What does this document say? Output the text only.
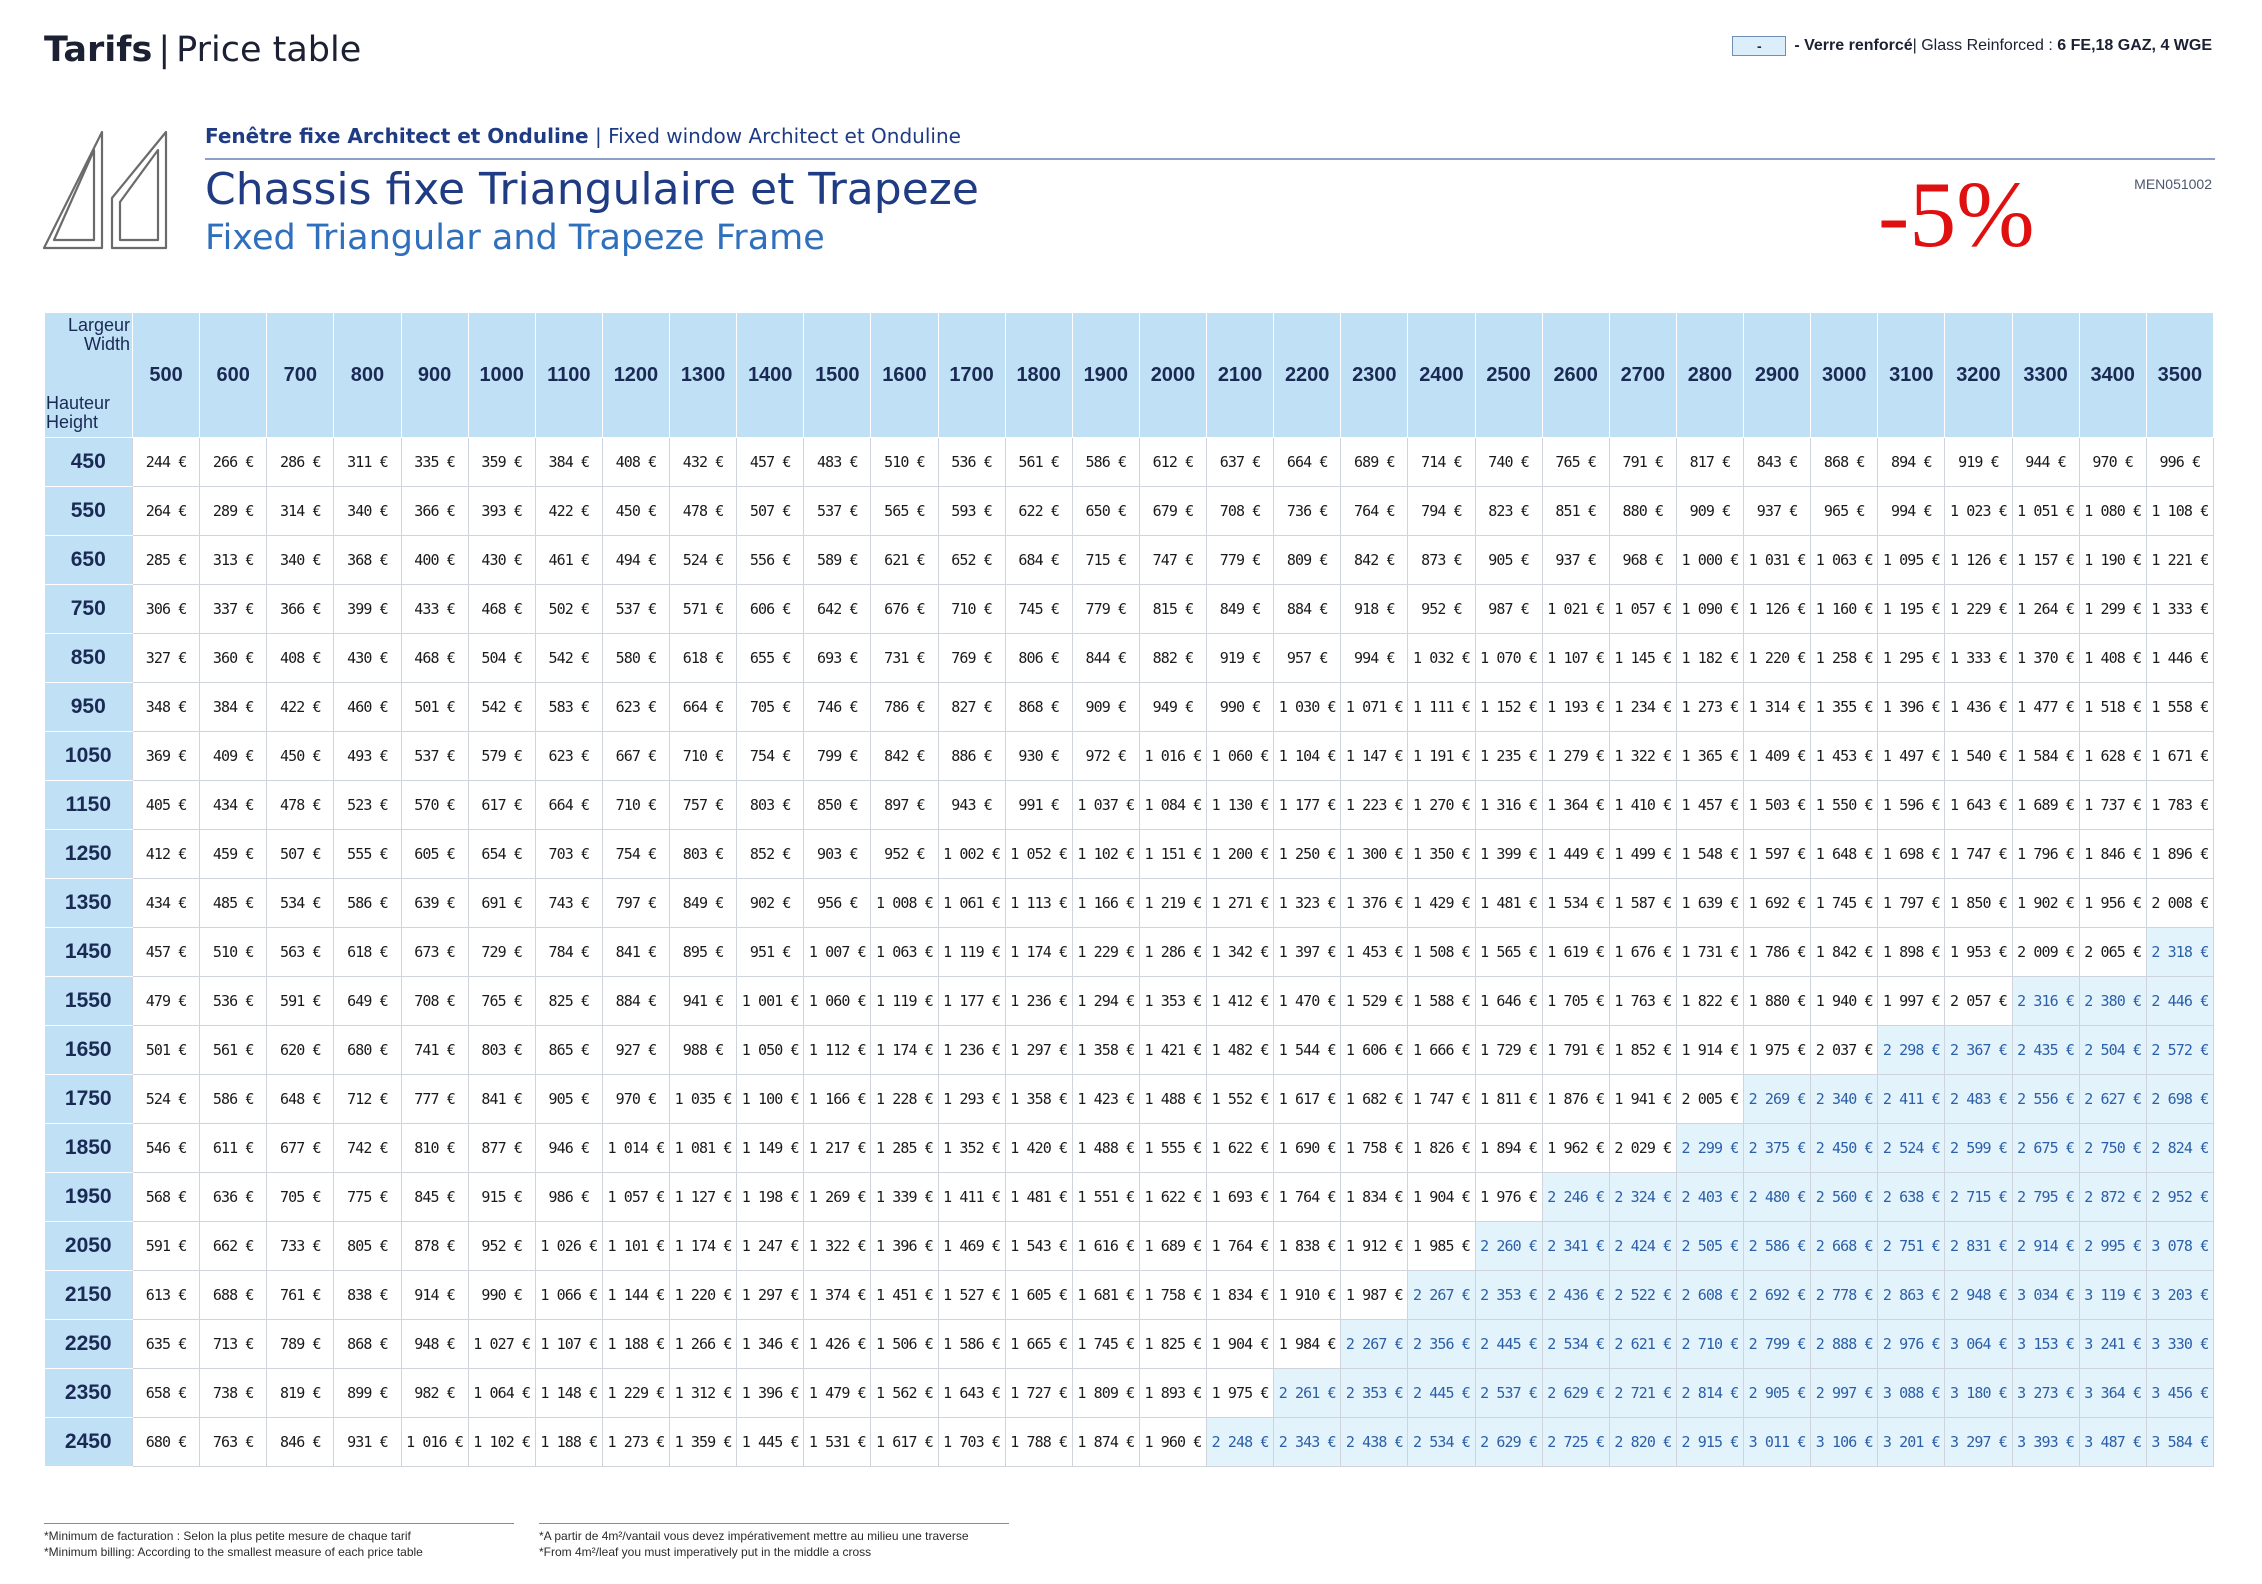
Tarifs | Price table	-	- Verre renforcé | Glass Reinforced : 6 FE,18 GAZ, 4 WGE
Fenêtre fixe Architect et Onduline | Fixed window Architect et Onduline
Chassis fixe Triangulaire et Trapeze
Fixed Triangular and Trapeze Frame	-5%	MEN051002
Largeur
Width
Hauteur
Height	500	600	700	800	900	1000	1100	1200	1300	1400	1500	1600	1700	1800	1900	2000	2100	2200	2300	2400	2500	2600	2700	2800	2900	3000	3100	3200	3300	3400	3500
450	244 €	266 €	286 €	311 €	335 €	359 €	384 €	408 €	432 €	457 €	483 €	510 €	536 €	561 €	586 €	612 €	637 €	664 €	689 €	714 €	740 €	765 €	791 €	817 €	843 €	868 €	894 €	919 €	944 €	970 €	996 €
550	264 €	289 €	314 €	340 €	366 €	393 €	422 €	450 €	478 €	507 €	537 €	565 €	593 €	622 €	650 €	679 €	708 €	736 €	764 €	794 €	823 €	851 €	880 €	909 €	937 €	965 €	994 €	1 023 €	1 051 €	1 080 €	1 108 €
650	285 €	313 €	340 €	368 €	400 €	430 €	461 €	494 €	524 €	556 €	589 €	621 €	652 €	684 €	715 €	747 €	779 €	809 €	842 €	873 €	905 €	937 €	968 €	1 000 €	1 031 €	1 063 €	1 095 €	1 126 €	1 157 €	1 190 €	1 221 €
750	306 €	337 €	366 €	399 €	433 €	468 €	502 €	537 €	571 €	606 €	642 €	676 €	710 €	745 €	779 €	815 €	849 €	884 €	918 €	952 €	987 €	1 021 €	1 057 €	1 090 €	1 126 €	1 160 €	1 195 €	1 229 €	1 264 €	1 299 €	1 333 €
850	327 €	360 €	408 €	430 €	468 €	504 €	542 €	580 €	618 €	655 €	693 €	731 €	769 €	806 €	844 €	882 €	919 €	957 €	994 €	1 032 €	1 070 €	1 107 €	1 145 €	1 182 €	1 220 €	1 258 €	1 295 €	1 333 €	1 370 €	1 408 €	1 446 €
950	348 €	384 €	422 €	460 €	501 €	542 €	583 €	623 €	664 €	705 €	746 €	786 €	827 €	868 €	909 €	949 €	990 €	1 030 €	1 071 €	1 111 €	1 152 €	1 193 €	1 234 €	1 273 €	1 314 €	1 355 €	1 396 €	1 436 €	1 477 €	1 518 €	1 558 €
1050	369 €	409 €	450 €	493 €	537 €	579 €	623 €	667 €	710 €	754 €	799 €	842 €	886 €	930 €	972 €	1 016 €	1 060 €	1 104 €	1 147 €	1 191 €	1 235 €	1 279 €	1 322 €	1 365 €	1 409 €	1 453 €	1 497 €	1 540 €	1 584 €	1 628 €	1 671 €
1150	405 €	434 €	478 €	523 €	570 €	617 €	664 €	710 €	757 €	803 €	850 €	897 €	943 €	991 €	1 037 €	1 084 €	1 130 €	1 177 €	1 223 €	1 270 €	1 316 €	1 364 €	1 410 €	1 457 €	1 503 €	1 550 €	1 596 €	1 643 €	1 689 €	1 737 €	1 783 €
1250	412 €	459 €	507 €	555 €	605 €	654 €	703 €	754 €	803 €	852 €	903 €	952 €	1 002 €	1 052 €	1 102 €	1 151 €	1 200 €	1 250 €	1 300 €	1 350 €	1 399 €	1 449 €	1 499 €	1 548 €	1 597 €	1 648 €	1 698 €	1 747 €	1 796 €	1 846 €	1 896 €
1350	434 €	485 €	534 €	586 €	639 €	691 €	743 €	797 €	849 €	902 €	956 €	1 008 €	1 061 €	1 113 €	1 166 €	1 219 €	1 271 €	1 323 €	1 376 €	1 429 €	1 481 €	1 534 €	1 587 €	1 639 €	1 692 €	1 745 €	1 797 €	1 850 €	1 902 €	1 956 €	2 008 €
1450	457 €	510 €	563 €	618 €	673 €	729 €	784 €	841 €	895 €	951 €	1 007 €	1 063 €	1 119 €	1 174 €	1 229 €	1 286 €	1 342 €	1 397 €	1 453 €	1 508 €	1 565 €	1 619 €	1 676 €	1 731 €	1 786 €	1 842 €	1 898 €	1 953 €	2 009 €	2 065 €	2 318 €
1550	479 €	536 €	591 €	649 €	708 €	765 €	825 €	884 €	941 €	1 001 €	1 060 €	1 119 €	1 177 €	1 236 €	1 294 €	1 353 €	1 412 €	1 470 €	1 529 €	1 588 €	1 646 €	1 705 €	1 763 €	1 822 €	1 880 €	1 940 €	1 997 €	2 057 €	2 316 €	2 380 €	2 446 €
1650	501 €	561 €	620 €	680 €	741 €	803 €	865 €	927 €	988 €	1 050 €	1 112 €	1 174 €	1 236 €	1 297 €	1 358 €	1 421 €	1 482 €	1 544 €	1 606 €	1 666 €	1 729 €	1 791 €	1 852 €	1 914 €	1 975 €	2 037 €	2 298 €	2 367 €	2 435 €	2 504 €	2 572 €
1750	524 €	586 €	648 €	712 €	777 €	841 €	905 €	970 €	1 035 €	1 100 €	1 166 €	1 228 €	1 293 €	1 358 €	1 423 €	1 488 €	1 552 €	1 617 €	1 682 €	1 747 €	1 811 €	1 876 €	1 941 €	2 005 €	2 269 €	2 340 €	2 411 €	2 483 €	2 556 €	2 627 €	2 698 €
1850	546 €	611 €	677 €	742 €	810 €	877 €	946 €	1 014 €	1 081 €	1 149 €	1 217 €	1 285 €	1 352 €	1 420 €	1 488 €	1 555 €	1 622 €	1 690 €	1 758 €	1 826 €	1 894 €	1 962 €	2 029 €	2 299 €	2 375 €	2 450 €	2 524 €	2 599 €	2 675 €	2 750 €	2 824 €
1950	568 €	636 €	705 €	775 €	845 €	915 €	986 €	1 057 €	1 127 €	1 198 €	1 269 €	1 339 €	1 411 €	1 481 €	1 551 €	1 622 €	1 693 €	1 764 €	1 834 €	1 904 €	1 976 €	2 246 €	2 324 €	2 403 €	2 480 €	2 560 €	2 638 €	2 715 €	2 795 €	2 872 €	2 952 €
2050	591 €	662 €	733 €	805 €	878 €	952 €	1 026 €	1 101 €	1 174 €	1 247 €	1 322 €	1 396 €	1 469 €	1 543 €	1 616 €	1 689 €	1 764 €	1 838 €	1 912 €	1 985 €	2 260 €	2 341 €	2 424 €	2 505 €	2 586 €	2 668 €	2 751 €	2 831 €	2 914 €	2 995 €	3 078 €
2150	613 €	688 €	761 €	838 €	914 €	990 €	1 066 €	1 144 €	1 220 €	1 297 €	1 374 €	1 451 €	1 527 €	1 605 €	1 681 €	1 758 €	1 834 €	1 910 €	1 987 €	2 267 €	2 353 €	2 436 €	2 522 €	2 608 €	2 692 €	2 778 €	2 863 €	2 948 €	3 034 €	3 119 €	3 203 €
2250	635 €	713 €	789 €	868 €	948 €	1 027 €	1 107 €	1 188 €	1 266 €	1 346 €	1 426 €	1 506 €	1 586 €	1 665 €	1 745 €	1 825 €	1 904 €	1 984 €	2 267 €	2 356 €	2 445 €	2 534 €	2 621 €	2 710 €	2 799 €	2 888 €	2 976 €	3 064 €	3 153 €	3 241 €	3 330 €
2350	658 €	738 €	819 €	899 €	982 €	1 064 €	1 148 €	1 229 €	1 312 €	1 396 €	1 479 €	1 562 €	1 643 €	1 727 €	1 809 €	1 893 €	1 975 €	2 261 €	2 353 €	2 445 €	2 537 €	2 629 €	2 721 €	2 814 €	2 905 €	2 997 €	3 088 €	3 180 €	3 273 €	3 364 €	3 456 €
2450	680 €	763 €	846 €	931 €	1 016 €	1 102 €	1 188 €	1 273 €	1 359 €	1 445 €	1 531 €	1 617 €	1 703 €	1 788 €	1 874 €	1 960 €	2 248 €	2 343 €	2 438 €	2 534 €	2 629 €	2 725 €	2 820 €	2 915 €	3 011 €	3 106 €	3 201 €	3 297 €	3 393 €	3 487 €	3 584 €
*Minimum de facturation : Selon la plus petite mesure de chaque tarif
*Minimum billing: According to the smallest measure of each price table
*A partir de 4m²/vantail vous devez impérativement mettre au milieu une traverse
*From 4m²/leaf you must imperatively put in the middle a cross
